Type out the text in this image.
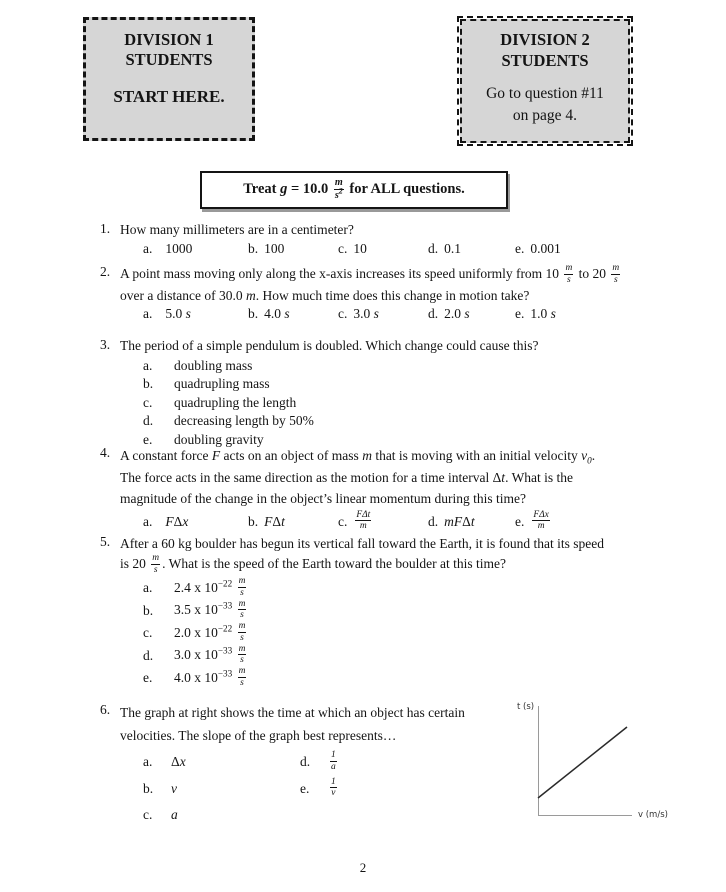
DIVISION 1
STUDENTS
START HERE.
DIVISION 2
STUDENTS
Go to question #11
on page 4.
Treat $g = 10.0 \frac{m}{s^2}$ for ALL questions.
1. How many millimeters are in a centimeter?
a. 1000	b. 100	c. 10	d. 0.1	e. 0.001
2. A point mass moving only along the x-axis increases its speed uniformly from $10 \frac{m}{s}$ to $20 \frac{m}{s}$

over a distance of 30.0 m. How much time does this change in motion take?
a. 5.0 s	b. 4.0 s	c. 3.0 s	d. 2.0 s	e. 1.0 s
3. The period of a simple pendulum is doubled. Which change could cause this?
a.	doubling mass
b.	quadrupling mass
c.	quadrupling the length
d.	decreasing length by 50%
e.	doubling gravity
4. A constant force F acts on an object of mass m that is moving with an initial velocity $v_0$.
The force acts in the same direction as the motion for a time interval Δt. What is the
magnitude of the change in the object’s linear momentum during this time?
a. FΔx	b. FΔt	c. $\frac{\text{FΔt}}{m}$	d. mFΔt	e. $\frac{\text{FΔx}}{m}$
5. After a 60 kg boulder has begun its vertical fall toward the Earth, it is found that its speed
is $20 \frac{m}{s}$ . What is the speed of the Earth toward the boulder at this time?
a.	2.4 x $10^{-22} \frac{m}{s}$
b.	3.5 x $10^{-33} \frac{m}{s}$
c.	2.0 x $10^{-22} \frac{m}{s}$
d.	3.0 x $10^{-33} \frac{m}{s}$
e.	4.0 x $10^{-33} \frac{m}{s}$
6. The graph at right shows the time at which an object has certain
velocities. The slope of the graph best represents…
a.	Δx	d.	$\frac{1}{a}$
b.	v	e.	$\frac{1}{v}$
c.	a
t (s)
v (m/s)
2
